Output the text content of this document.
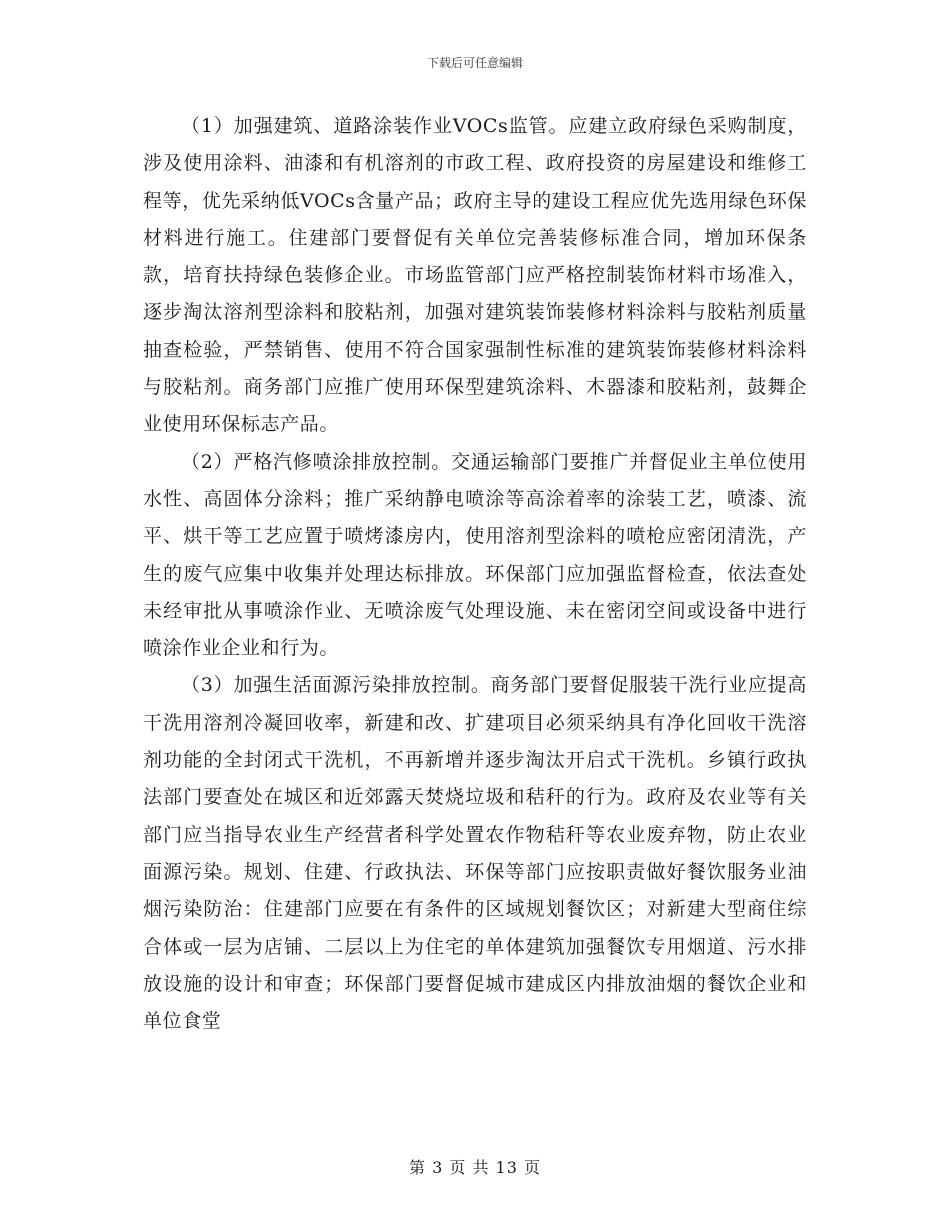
下载后可任意编辑

（1）加强建筑、道路涂装作业VOCs监管。应建立政府绿色采购制度，涉及使用涂料、油漆和有机溶剂的市政工程、政府投资的房屋建设和维修工程等，优先采纳低VOCs含量产品；政府主导的建设工程应优先选用绿色环保材料进行施工。住建部门要督促有关单位完善装修标准合同，增加环保条款，培育扶持绿色装修企业。市场监管部门应严格控制装饰材料市场准入，逐步淘汰溶剂型涂料和胶粘剂，加强对建筑装饰装修材料涂料与胶粘剂质量抽查检验，严禁销售、使用不符合国家强制性标准的建筑装饰装修材料涂料与胶粘剂。商务部门应推广使用环保型建筑涂料、木器漆和胶粘剂，鼓舞企业使用环保标志产品。

（2）严格汽修喷涂排放控制。交通运输部门要推广并督促业主单位使用水性、高固体分涂料；推广采纳静电喷涂等高涂着率的涂装工艺，喷漆、流平、烘干等工艺应置于喷烤漆房内，使用溶剂型涂料的喷枪应密闭清洗，产生的废气应集中收集并处理达标排放。环保部门应加强监督检查，依法查处未经审批从事喷涂作业、无喷涂废气处理设施、未在密闭空间或设备中进行喷涂作业企业和行为。

（3）加强生活面源污染排放控制。商务部门要督促服装干洗行业应提高干洗用溶剂冷凝回收率，新建和改、扩建项目必须采纳具有净化回收干洗溶剂功能的全封闭式干洗机，不再新增并逐步淘汰开启式干洗机。乡镇行政执法部门要查处在城区和近郊露天焚烧垃圾和秸秆的行为。政府及农业等有关部门应当指导农业生产经营者科学处置农作物秸秆等农业废弃物，防止农业面源污染。规划、住建、行政执法、环保等部门应按职责做好餐饮服务业油烟污染防治：住建部门应要在有条件的区域规划餐饮区；对新建大型商住综合体或一层为店铺、二层以上为住宅的单体建筑加强餐饮专用烟道、污水排放设施的设计和审查；环保部门要督促城市建成区内排放油烟的餐饮企业和单位食堂

第 3 页 共 13 页
